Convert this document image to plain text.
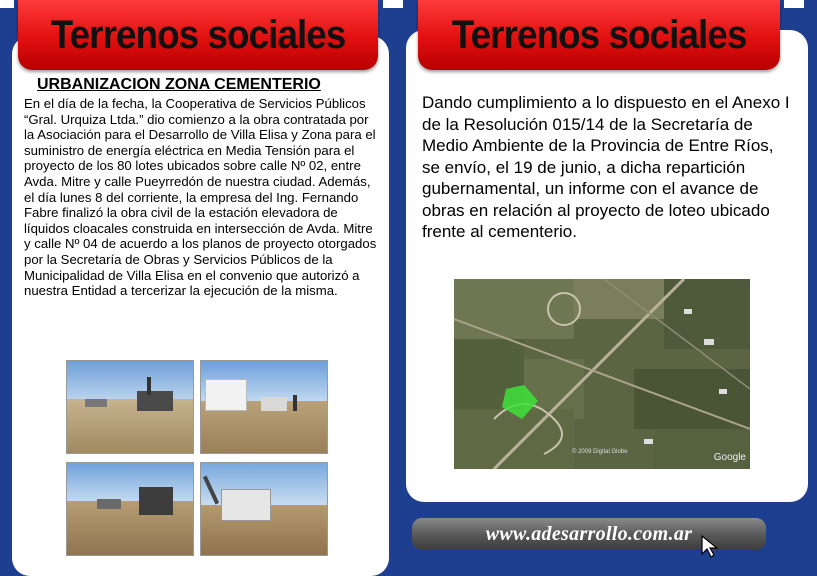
Terrenos sociales
URBANIZACION ZONA CEMENTERIO

En el día de la fecha, la Cooperativa de Servicios Públicos “Gral. Urquiza Ltda.” dio comienzo a la obra contratada por la Asociación para el Desarrollo de Villa Elisa y Zona para el suministro de energía eléctrica en Media Tensión para el proyecto de los 80 lotes ubicados sobre calle Nº 02, entre Avda. Mitre y calle Pueyrredón de nuestra ciudad. Además, el día lunes 8 del corriente, la empresa del Ing. Fernando Fabre finalizó la obra civil de la estación elevadora de líquidos cloacales construida en intersección de Avda. Mitre y calle Nº 04 de acuerdo a los planos de proyecto otorgados por la Secretaría de Obras y Servicios Públicos de la Municipalidad de Villa Elisa en el convenio que autorizó a nuestra Entidad a tercerizar la ejecución de la misma.

Terrenos sociales

Dando cumplimiento a lo dispuesto en el Anexo I de la Resolución 015/14 de la Secretaría de Medio Ambiente de la Provincia de Entre Ríos, se envío, el 19 de junio, a dicha repartición gubernamental, un informe con el avance de obras en relación al proyecto de loteo ubicado frente al cementerio.

© 2009 Digital Globe	Google
www.adesarrollo.com.ar
